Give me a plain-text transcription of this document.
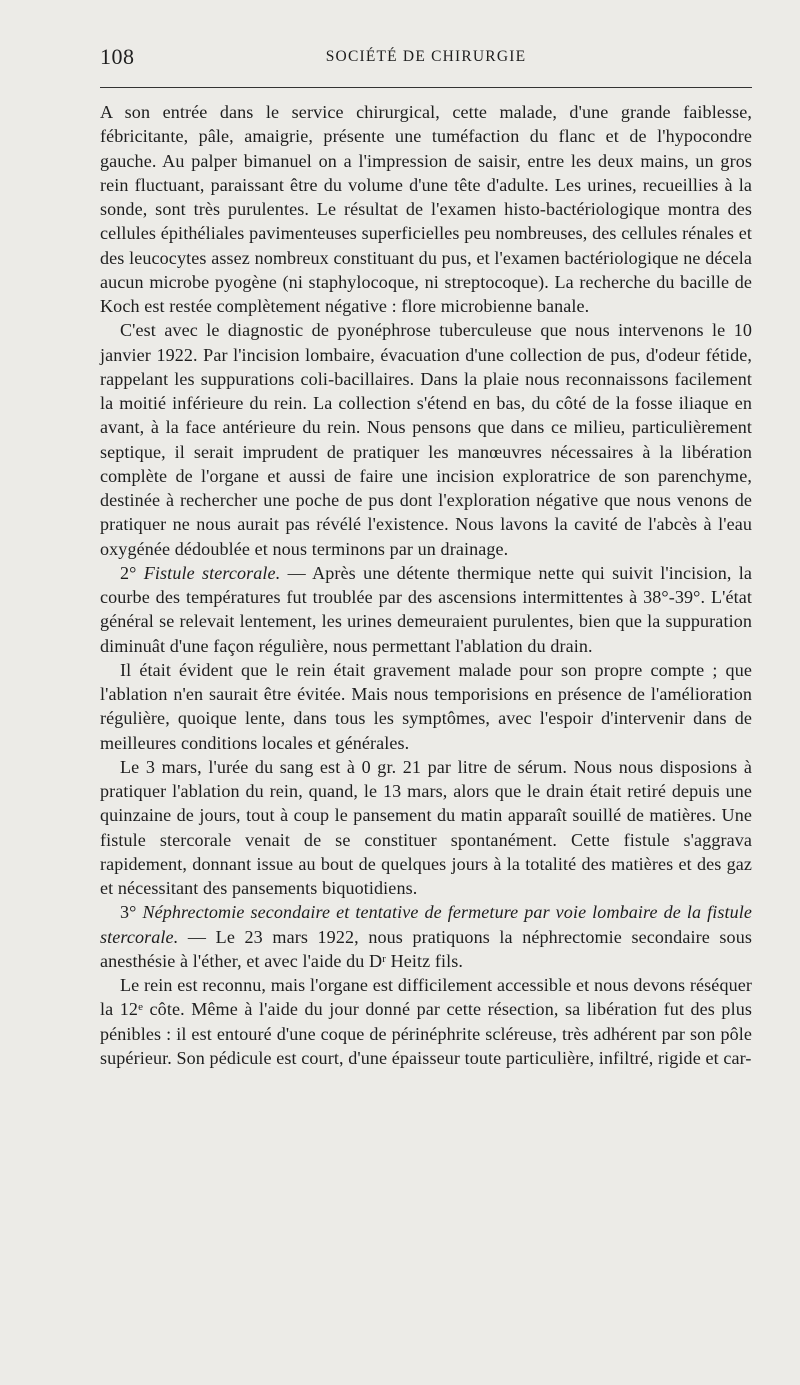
108	SOCIÉTÉ DE CHIRURGIE

A son entrée dans le service chirurgical, cette malade, d'une grande faiblesse, fébricitante, pâle, amaigrie, présente une tuméfaction du flanc et de l'hypocondre gauche. Au palper bimanuel on a l'impression de saisir, entre les deux mains, un gros rein fluctuant, paraissant être du volume d'une tête d'adulte. Les urines, recueillies à la sonde, sont très purulentes. Le résultat de l'examen histo-bactériologique montra des cellules épithéliales pavimenteuses superficielles peu nombreuses, des cellules rénales et des leucocytes assez nombreux constituant du pus, et l'examen bactériologique ne décela aucun microbe pyogène (ni staphylocoque, ni streptocoque). La recherche du bacille de Koch est restée complètement négative : flore microbienne banale.

C'est avec le diagnostic de pyonéphrose tuberculeuse que nous intervenons le 10 janvier 1922. Par l'incision lombaire, évacuation d'une collection de pus, d'odeur fétide, rappelant les suppurations coli-bacillaires. Dans la plaie nous reconnaissons facilement la moitié inférieure du rein. La collection s'étend en bas, du côté de la fosse iliaque en avant, à la face antérieure du rein. Nous pensons que dans ce milieu, particulièrement septique, il serait imprudent de pratiquer les manœuvres nécessaires à la libération complète de l'organe et aussi de faire une incision exploratrice de son parenchyme, destinée à rechercher une poche de pus dont l'exploration négative que nous venons de pratiquer ne nous aurait pas révélé l'existence. Nous lavons la cavité de l'abcès à l'eau oxygénée dédoublée et nous terminons par un drainage.

2° Fistule stercorale. — Après une détente thermique nette qui suivit l'incision, la courbe des températures fut troublée par des ascensions intermittentes à 38°-39°. L'état général se relevait lentement, les urines demeuraient purulentes, bien que la suppuration diminuât d'une façon régulière, nous permettant l'ablation du drain.

Il était évident que le rein était gravement malade pour son propre compte ; que l'ablation n'en saurait être évitée. Mais nous temporisions en présence de l'amélioration régulière, quoique lente, dans tous les symptômes, avec l'espoir d'intervenir dans de meilleures conditions locales et générales.

Le 3 mars, l'urée du sang est à 0 gr. 21 par litre de sérum. Nous nous disposions à pratiquer l'ablation du rein, quand, le 13 mars, alors que le drain était retiré depuis une quinzaine de jours, tout à coup le pansement du matin apparaît souillé de matières. Une fistule stercorale venait de se constituer spontanément. Cette fistule s'aggrava rapidement, donnant issue au bout de quelques jours à la totalité des matières et des gaz et nécessitant des pansements biquotidiens.

3° Néphrectomie secondaire et tentative de fermeture par voie lombaire de la fistule stercorale. — Le 23 mars 1922, nous pratiquons la néphrectomie secondaire sous anesthésie à l'éther, et avec l'aide du $D^r$ Heitz fils.

Le rein est reconnu, mais l'organe est difficilement accessible et nous devons réséquer la 12e côte. Même à l'aide du jour donné par cette résection, sa libération fut des plus pénibles : il est entouré d'une coque de périnéphrite scléreuse, très adhérent par son pôle supérieur. Son pédicule est court, d'une épaisseur toute particulière, infiltré, rigide et car-
